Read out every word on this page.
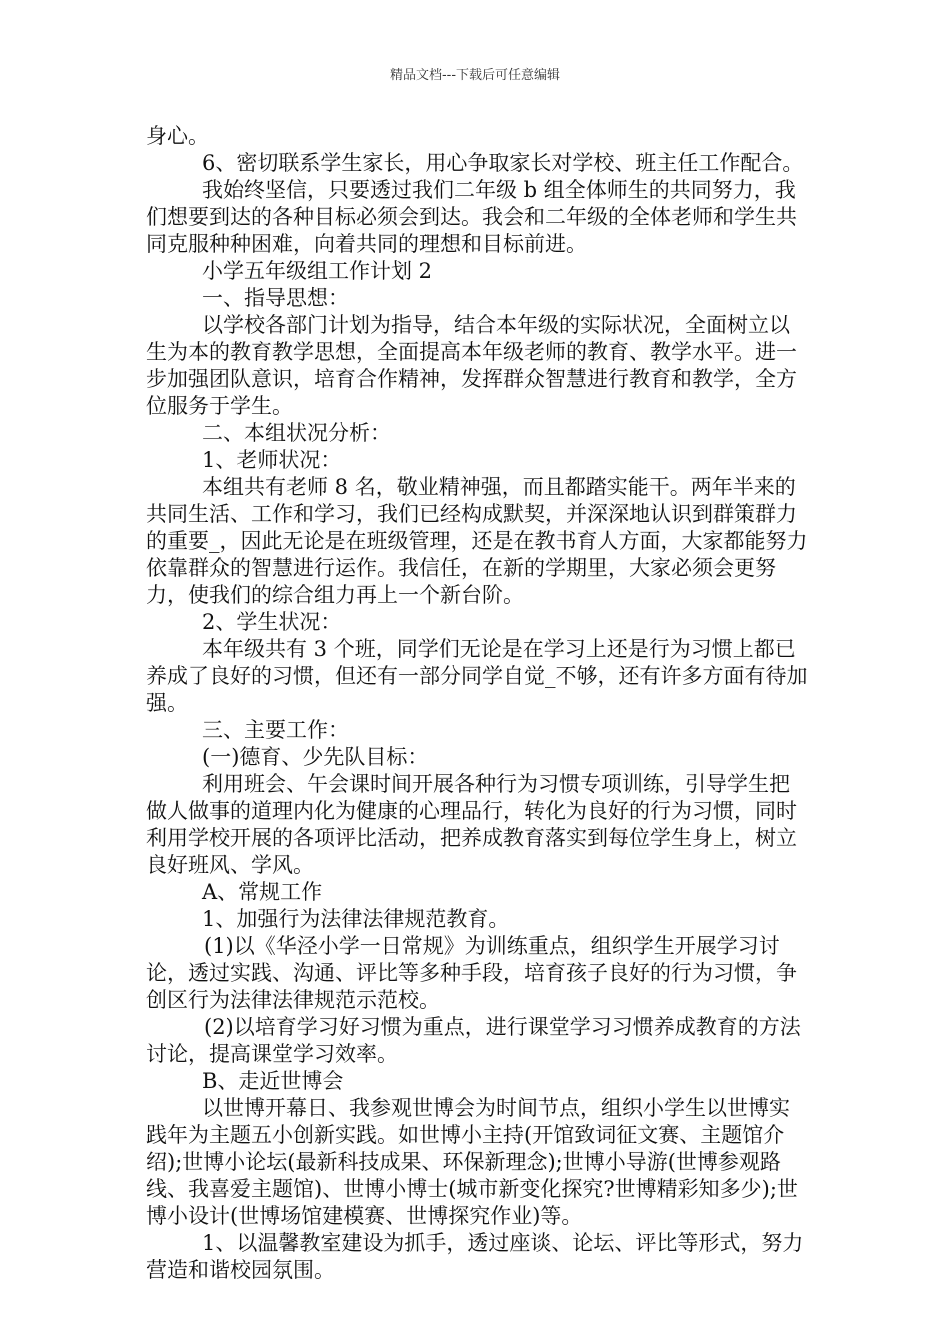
精品文档---下载后可任意编辑

身心。

6、密切联系学生家长，用心争取家长对学校、班主任工作配合。

我始终坚信，只要透过我们二年级 b 组全体师生的共同努力，我们想要到达的各种目标必须会到达。我会和二年级的全体老师和学生共同克服种种困难，向着共同的理想和目标前进。

小学五年级组工作计划 2

一、指导思想：

以学校各部门计划为指导，结合本年级的实际状况，全面树立以生为本的教育教学思想，全面提高本年级老师的教育、教学水平。进一步加强团队意识，培育合作精神，发挥群众智慧进行教育和教学，全方位服务于学生。

二、本组状况分析：

1、老师状况：

本组共有老师 8 名，敬业精神强，而且都踏实能干。两年半来的共同生活、工作和学习，我们已经构成默契，并深深地认识到群策群力的重要_，因此无论是在班级管理，还是在教书育人方面，大家都能努力依靠群众的智慧进行运作。我信任，在新的学期里，大家必须会更努力，使我们的综合组力再上一个新台阶。

2、学生状况：

本年级共有 3 个班，同学们无论是在学习上还是行为习惯上都已养成了良好的习惯，但还有一部分同学自觉_不够，还有许多方面有待加强。

三、主要工作：

(一)德育、少先队目标：

利用班会、午会课时间开展各种行为习惯专项训练，引导学生把做人做事的道理内化为健康的心理品行，转化为良好的行为习惯，同时利用学校开展的各项评比活动，把养成教育落实到每位学生身上，树立良好班风、学风。

A、常规工作

1、加强行为法律法律规范教育。

(1)以《华泾小学一日常规》为训练重点，组织学生开展学习讨论，透过实践、沟通、评比等多种手段，培育孩子良好的行为习惯，争创区行为法律法律规范示范校。

(2)以培育学习好习惯为重点，进行课堂学习习惯养成教育的方法讨论，提高课堂学习效率。

B、走近世博会

以世博开幕日、我参观世博会为时间节点，组织小学生以世博实践年为主题五小创新实践。如世博小主持(开馆致词征文赛、主题馆介绍);世博小论坛(最新科技成果、环保新理念);世博小导游(世博参观路线、我喜爱主题馆)、世博小博士(城市新变化探究?世博精彩知多少);世博小设计(世博场馆建模赛、世博探究作业)等。

1、以温馨教室建设为抓手，透过座谈、论坛、评比等形式，努力营造和谐校园氛围。
